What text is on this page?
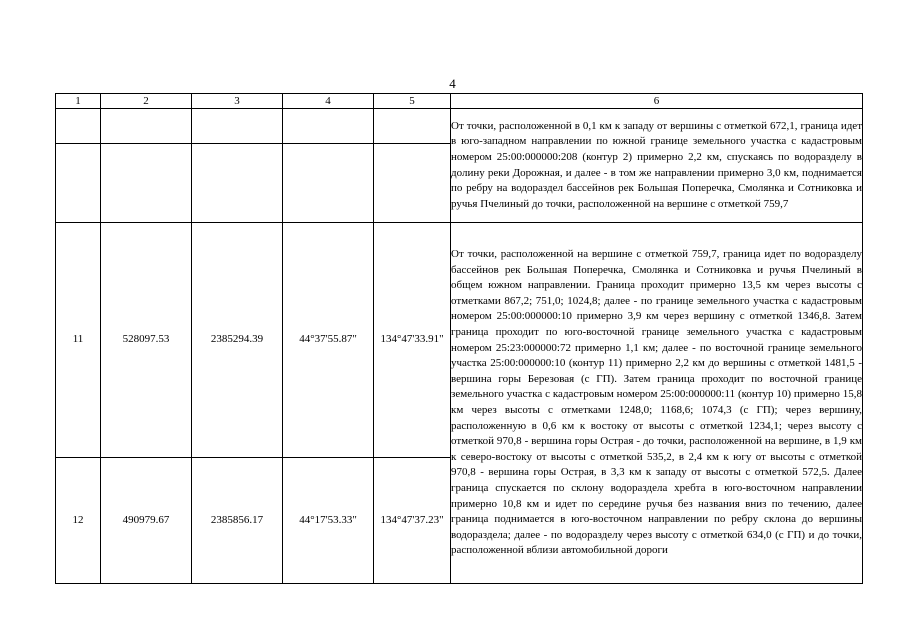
4
1	2	3	4	5	6

					От точки, расположенной в 0,1 км к западу от вершины с отметкой 672,1, граница идет в юго-западном направлении по южной границе земельного участка с кадастровым номером 25:00:000000:208 (контур 2) примерно 2,2 км, спускаясь по водоразделу в долину реки Дорожная, и далее - в том же направлении примерно 3,0 км, поднимается по ребру на водораздел бассейнов рек Большая Поперечка, Смолянка и Сотниковка и ручья Пчелиный до точки, расположенной на вершине с отметкой 759,7

11	528097.53	2385294.39	44°37'55.87"	134°47'33.91"	От точки, расположенной на вершине с отметкой 759,7, граница идет по водоразделу бассейнов рек Большая Поперечка, Смолянка и Сотниковка и ручья Пчелиный в общем южном направлении. Граница проходит примерно 13,5 км через высоты с отметками 867,2; 751,0; 1024,8; далее - по границе земельного участка с кадастровым номером 25:00:000000:10 примерно 3,9 км через вершину с отметкой 1346,8. Затем граница проходит по юго-восточной границе земельного участка с кадастровым номером 25:23:000000:72 примерно 1,1 км; далее - по восточной границе земельного участка 25:00:000000:10 (контур 11) примерно 2,2 км до вершины с отметкой 1481,5 - вершина горы Березовая (с ГП). Затем граница проходит по восточной границе земельного участка с кадастровым номером 25:00:000000:11 (контур 10) примерно 15,8 км через высоты с отметками 1248,0; 1168,6; 1074,3 (с ГП); через вершину, расположенную в 0,6 км к востоку от высоты с отметкой 1234,1; через высоту с отметкой 970,8 - вершина горы Острая - до точки, расположенной на вершине, в 1,9 км к северо-востоку от высоты с отметкой 535,2, в 2,4 км к югу от высоты с отметкой 970,8 - вершина горы Острая, в 3,3 км к западу от высоты с отметкой 572,5. Далее граница спускается по склону водораздела хребта в юго-восточном направлении примерно 10,8 км и идет по середине ручья без названия вниз по течению, далее граница поднимается в юго-восточном направлении по ребру склона до вершины водораздела; далее - по водоразделу через высоту с отметкой 634,0 (с ГП) и до точки, расположенной вблизи автомобильной дороги

12	490979.67	2385856.17	44°17'53.33"	134°47'37.23"	
